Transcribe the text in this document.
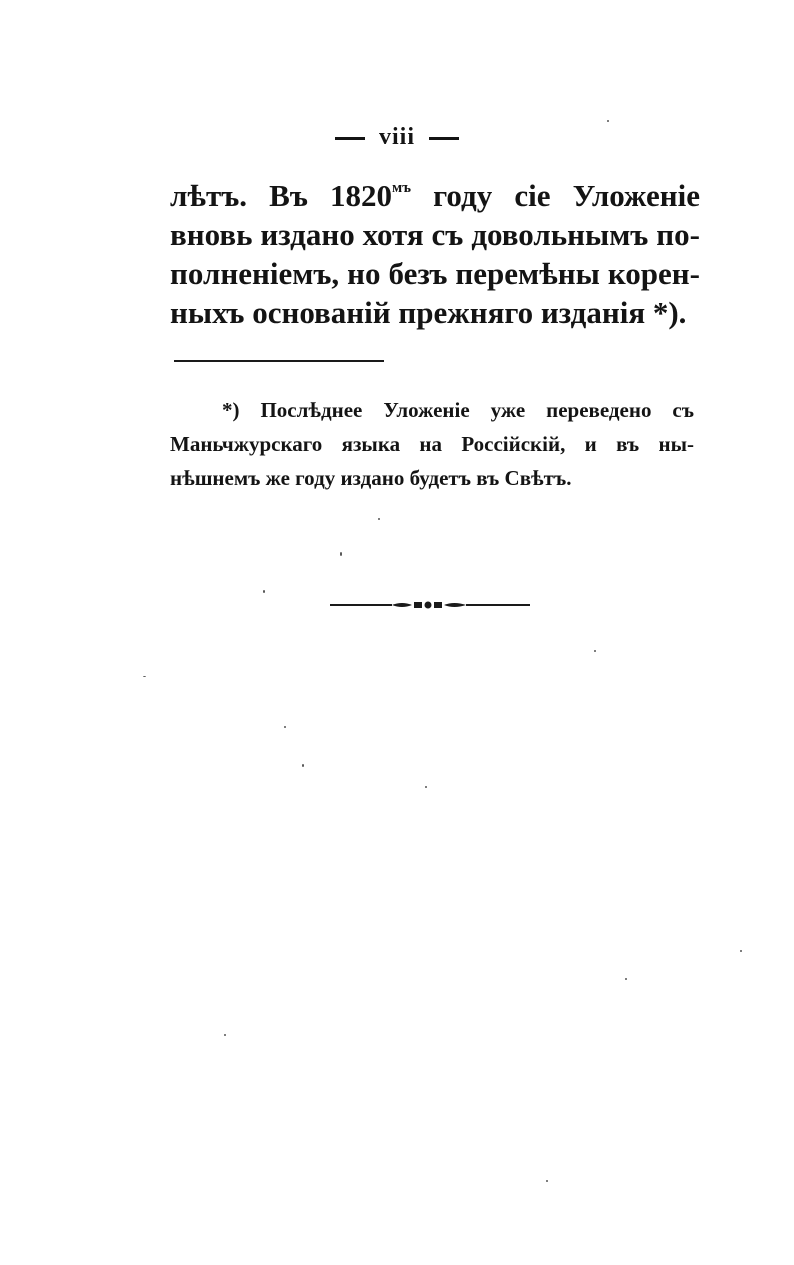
viii
лѣтъ. Въ $1820^{мъ}$ году сіе Уложеніе
вновь издано хотя съ довольнымъ по-
полненіемъ, но безъ перемѣны корен-
ныхъ основаній прежняго изданія *).
*) Послѣднее Уложеніе уже переведено съ
Маньчжурскаго языка на Россійскій, и въ ны-
нѣшнемъ же году издано будетъ въ Свѣтъ.
